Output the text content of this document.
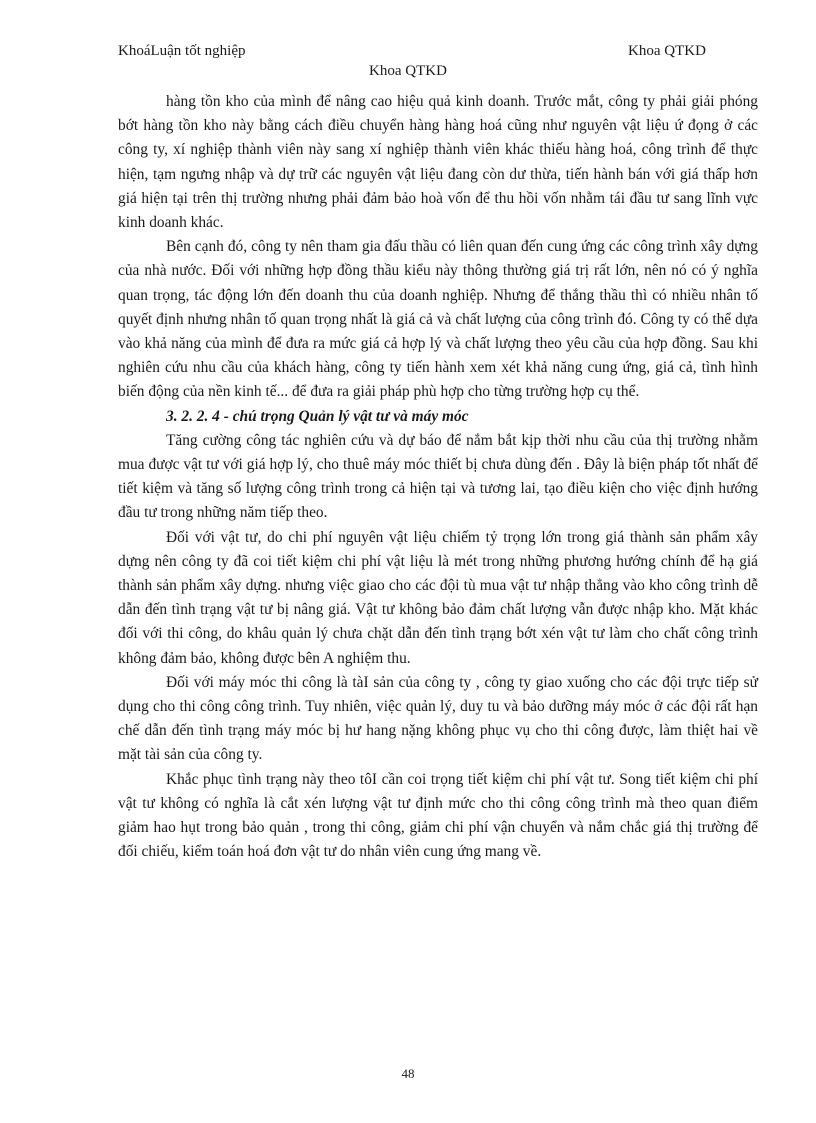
KhoáLuận tốt nghiệp	Khoa QTKD
Khoa QTKD

hàng tồn kho của mình để nâng cao hiệu quả kinh doanh. Trước mắt, công ty phải giải phóng bớt hàng tồn kho này bằng cách điều chuyển hàng hàng hoá cũng như nguyên vật liệu ứ đọng ở các công ty, xí nghiệp thành viên này sang xí nghiệp thành viên khác thiếu hàng hoá, công trình để thực hiện, tạm ngưng nhập và dự trữ các nguyên vật liệu đang còn dư thừa, tiến hành bán với giá thấp hơn giá hiện tại trên thị trường nhưng phải đảm bảo hoà vốn để thu hồi vốn nhằm tái đầu tư sang lĩnh vực kinh doanh khác.

Bên cạnh đó, công ty nên tham gia đấu thầu có liên quan đến cung ứng các công trình xây dựng của nhà nước. Đối với những hợp đồng thầu kiểu này thông thường giá trị rất lớn, nên nó có ý nghĩa quan trọng, tác động lớn đến doanh thu của doanh nghiệp. Nhưng để thắng thầu thì có nhiều nhân tố quyết định nhưng nhân tố quan trọng nhất là giá cả và chất lượng của công trình đó. Công ty có thể dựa vào khả năng của mình để đưa ra mức giá cả hợp lý và chất lượng theo yêu cầu của hợp đồng. Sau khi nghiên cứu nhu cầu của khách hàng, công ty tiến hành xem xét khả năng cung ứng, giá cả, tình hình biến động của nền kinh tế... để đưa ra giải pháp phù hợp cho từng trường hợp cụ thể.

3. 2. 2. 4 - chú trọng Quản lý vật tư và máy móc

Tăng cường công tác nghiên cứu và dự báo để nắm bắt kịp thời nhu cầu của thị trường nhằm mua được vật tư với giá hợp lý, cho thuê máy móc thiết bị chưa dùng đến . Đây là biện pháp tốt nhất để tiết kiệm và tăng số lượng công trình trong cả hiện tại và tương lai, tạo điều kiện cho việc định hướng đầu tư trong những năm tiếp theo.

Đối với vật tư, do chi phí nguyên vật liệu chiếm tỷ trọng lớn trong giá thành sản phẩm xây dựng nên công ty đã coi tiết kiệm chi phí vật liệu là mét trong những phương hướng chính để hạ giá thành sản phẩm xây dựng. nhưng việc giao cho các đội tù mua vật tư nhập thẳng vào kho công trình dễ dẫn đến tình trạng vật tư bị nâng giá. Vật tư không bảo đảm chất lượng vẫn được nhập kho. Mặt khác đối với thi công, do khâu quản lý chưa chặt dẫn đến tình trạng bớt xén vật tư làm cho chất công trình không đảm bảo, không được bên A nghiệm thu.

Đối với máy móc thi công là tàI sản của công ty , công ty giao xuống cho các đội trực tiếp sử dụng cho thi công công trình. Tuy nhiên, việc quản lý, duy tu và bảo dưỡng máy móc ở các đội rất hạn chế dẫn đến tình trạng máy móc bị hư hang nặng không phục vụ cho thi công được, làm thiệt hai về mặt tài sản của công ty.

Khắc phục tình trạng này theo tôI cần coi trọng tiết kiệm chi phí vật tư. Song tiết kiệm chi phí vật tư không có nghĩa là cắt xén lượng vật tư định mức cho thi công công trình mà theo quan điểm giảm hao hụt trong bảo quản , trong thi công, giảm chi phí vận chuyển và nắm chắc giá thị trường để đối chiếu, kiểm toán hoá đơn vật tư do nhân viên cung ứng mang về.

48
